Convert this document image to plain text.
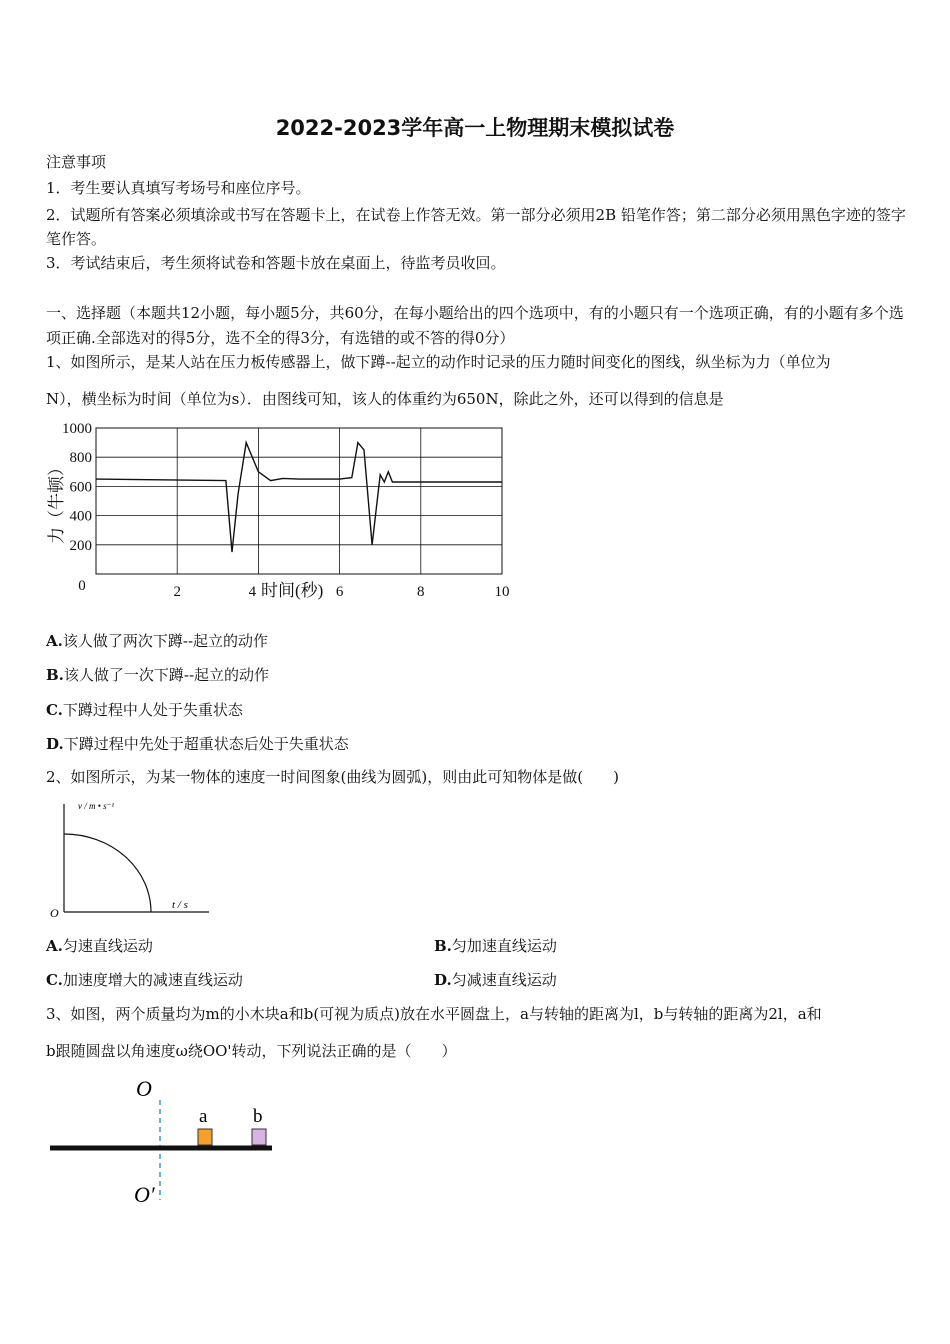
2022-2023学年高一上物理期末模拟试卷
注意事项
1．考生要认真填写考场号和座位序号。
2．试题所有答案必须填涂或书写在答题卡上，在试卷上作答无效。第一部分必须用2B 铅笔作答；第二部分必须用黑色字迹的签字笔作答。
3．考试结束后，考生须将试卷和答题卡放在桌面上，待监考员收回。
一、选择题（本题共12小题，每小题5分，共60分，在每小题给出的四个选项中，有的小题只有一个选项正确，有的小题有多个选项正确.全部选对的得5分，选不全的得3分，有选错的或不答的得0分）
1、如图所示，是某人站在压力板传感器上，做下蹲--起立的动作时记录的压力随时间变化的图线，纵坐标为力（单位为
N），横坐标为时间（单位为s）．由图线可知，该人的体重约为650N，除此之外，还可以得到的信息是
200
400
600
800
1000
0	2	4	6	8	10
力（牛顿）
时间(秒)
A.该人做了两次下蹲--起立的动作
B.该人做了一次下蹲--起立的动作
C.下蹲过程中人处于失重状态
D.下蹲过程中先处于超重状态后处于失重状态
2、如图所示，为某一物体的速度一时间图象(曲线为圆弧)，则由此可知物体是做(　　)
v / m • s⁻¹
t / s
O
A.匀速直线运动	B.匀加速直线运动
C.加速度增大的减速直线运动	D.匀减速直线运动
3、如图，两个质量均为m的小木块a和b(可视为质点)放在水平圆盘上，a与转轴的距离为l，b与转轴的距离为2l，a和
b跟随圆盘以角速度ω绕OO'转动，下列说法正确的是（　　）
O
a b
O′
